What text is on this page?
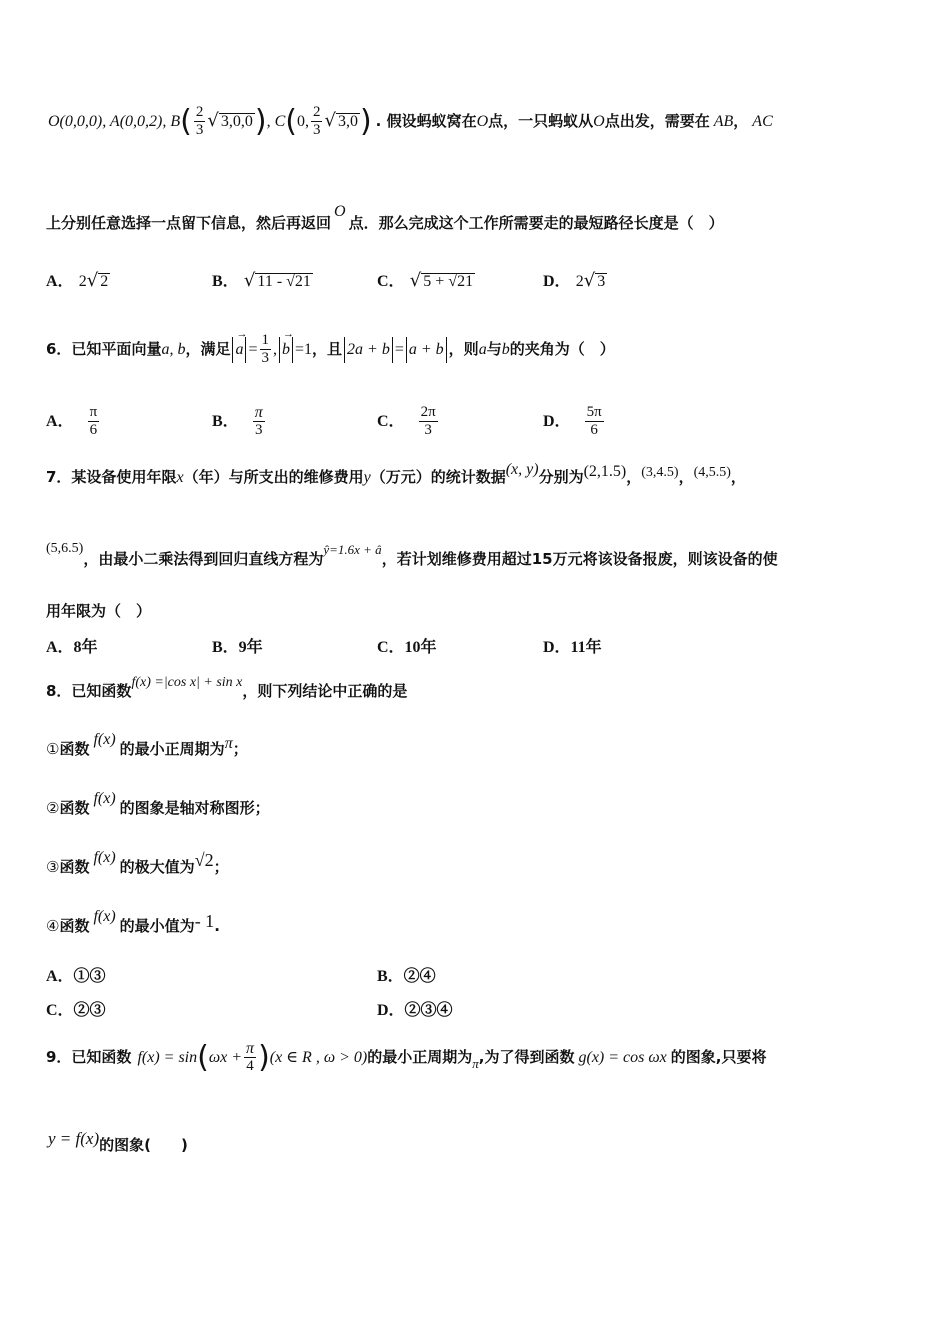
O(0,0,0), A(0,0,2), $B( \frac{2}{3}$ √ 3,0,0), C(0, $\frac{2}{3}$ √ 3,0) . 假设蚂蚁窝在O点，一只蚂蚁从O点出发，需要在 AB， AC
上分别任意选择一点留下信息，然后再返回O点．那么完成这个工作所需要走的最短路径长度是（　）
A． 2√ 2	B． √ 11 - √21	C． √ 5 + √21	D． 2√ 3
6．已知平面向量a, b，满足 → $a = \frac{1}{3}$ , → b =1，且 2a + b = a + b ，则a与b的夹角为（　）
A． $\frac{\pi}{6}$	B． $\frac{\pi}{3}$	C． $\frac{2\pi}{3}$	D． $\frac{5\pi}{6}$
7．某设备使用年限x（年）与所支出的维修费用y（万元）的统计数据(x, y)分别为(2,1.5)，(3,4.5)，(4,5.5)，
(5,6.5)，由最小二乘法得到回归直线方程为ŷ=1.6x + â，若计划维修费用超过15万元将该设备报废，则该设备的使
用年限为（　）
A．8年	B．9年	C．10年	D．11年
8．已知函数f(x) =|cos x| + sin x，则下列结论中正确的是
①函数f(x)的最小正周期为π；
②函数f(x)的图象是轴对称图形；
③函数f(x)的极大值为√2；
④函数f(x)的最小值为- 1.
A．①③	B．②④
C．②③	D．②③④
9．已知函数 $f(x) = \sin(\omega x + \frac{\pi}{4} )(x$ ∈ R , ω > 0)的最小正周期为π,为了得到函数 g(x) = cos ωx 的图象,只要将
y = f(x)的图象(　　)
